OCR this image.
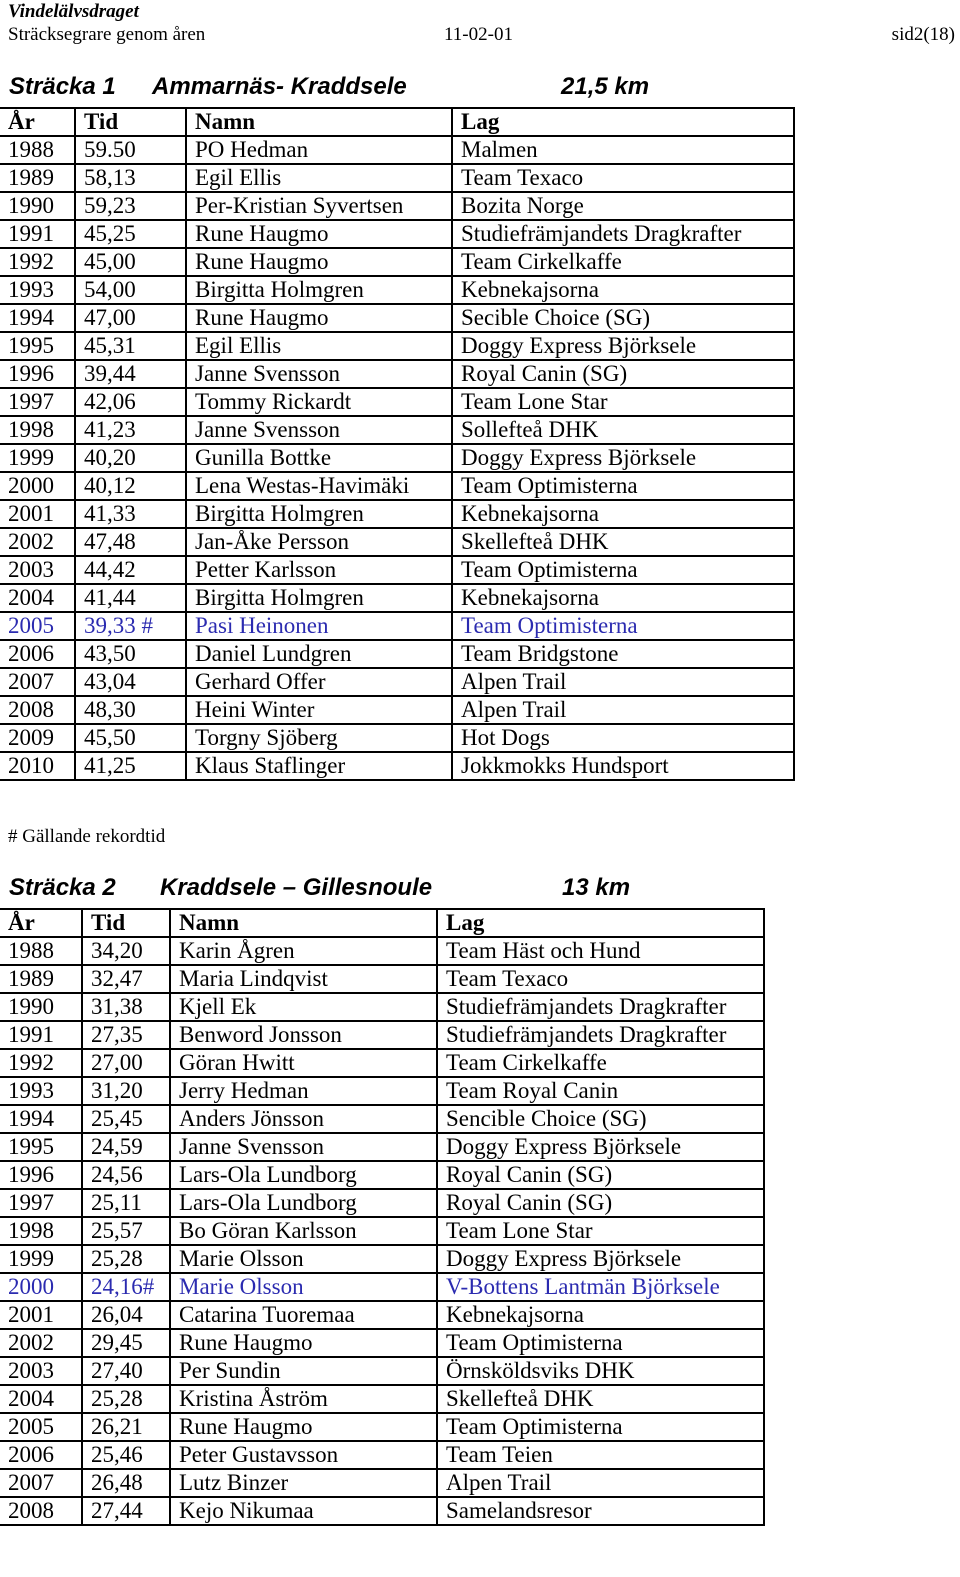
Vindelälvsdraget
Sträcksegrare genom åren	11-02-01	sid2(18)
Sträcka 1 Ammarnäs- Kraddsele	21,5 km
År	Tid	Namn	Lag
1988	59.50	PO Hedman	Malmen
1989	58,13	Egil Ellis	Team Texaco
1990	59,23	Per-Kristian Syvertsen	Bozita Norge
1991	45,25	Rune Haugmo	Studiefrämjandets Dragkrafter
1992	45,00	Rune Haugmo	Team Cirkelkaffe
1993	54,00	Birgitta Holmgren	Kebnekajsorna
1994	47,00	Rune Haugmo	Secible Choice (SG)
1995	45,31	Egil Ellis	Doggy Express Björksele
1996	39,44	Janne Svensson	Royal Canin (SG)
1997	42,06	Tommy Rickardt	Team Lone Star
1998	41,23	Janne Svensson	Sollefteå DHK
1999	40,20	Gunilla Bottke	Doggy Express Björksele
2000	40,12	Lena Westas-Havimäki	Team Optimisterna
2001	41,33	Birgitta Holmgren	Kebnekajsorna
2002	47,48	Jan-Åke Persson	Skellefteå DHK
2003	44,42	Petter Karlsson	Team Optimisterna
2004	41,44	Birgitta Holmgren	Kebnekajsorna
2005	39,33 #	Pasi Heinonen	Team Optimisterna
2006	43,50	Daniel Lundgren	Team Bridgstone
2007	43,04	Gerhard Offer	Alpen Trail
2008	48,30	Heini Winter	Alpen Trail
2009	45,50	Torgny Sjöberg	Hot Dogs
2010	41,25	Klaus Staflinger	Jokkmokks Hundsport
# Gällande rekordtid
Sträcka 2 Kraddsele – Gillesnoule	13 km
År	Tid	Namn	Lag
1988	34,20	Karin Ågren	Team Häst och Hund
1989	32,47	Maria Lindqvist	Team Texaco
1990	31,38	Kjell Ek	Studiefrämjandets Dragkrafter
1991	27,35	Benword Jonsson	Studiefrämjandets Dragkrafter
1992	27,00	Göran Hwitt	Team Cirkelkaffe
1993	31,20	Jerry Hedman	Team Royal Canin
1994	25,45	Anders Jönsson	Sencible Choice (SG)
1995	24,59	Janne Svensson	Doggy Express Björksele
1996	24,56	Lars-Ola Lundborg	Royal Canin (SG)
1997	25,11	Lars-Ola Lundborg	Royal Canin (SG)
1998	25,57	Bo Göran Karlsson	Team Lone Star
1999	25,28	Marie Olsson	Doggy Express Björksele
2000	24,16#	Marie Olsson	V-Bottens Lantmän Björksele
2001	26,04	Catarina Tuoremaa	Kebnekajsorna
2002	29,45	Rune Haugmo	Team Optimisterna
2003	27,40	Per Sundin	Örnsköldsviks DHK
2004	25,28	Kristina Åström	Skellefteå DHK
2005	26,21	Rune Haugmo	Team Optimisterna
2006	25,46	Peter Gustavsson	Team Teien
2007	26,48	Lutz Binzer	Alpen Trail
2008	27,44	Kejo Nikumaa	Samelandsresor
